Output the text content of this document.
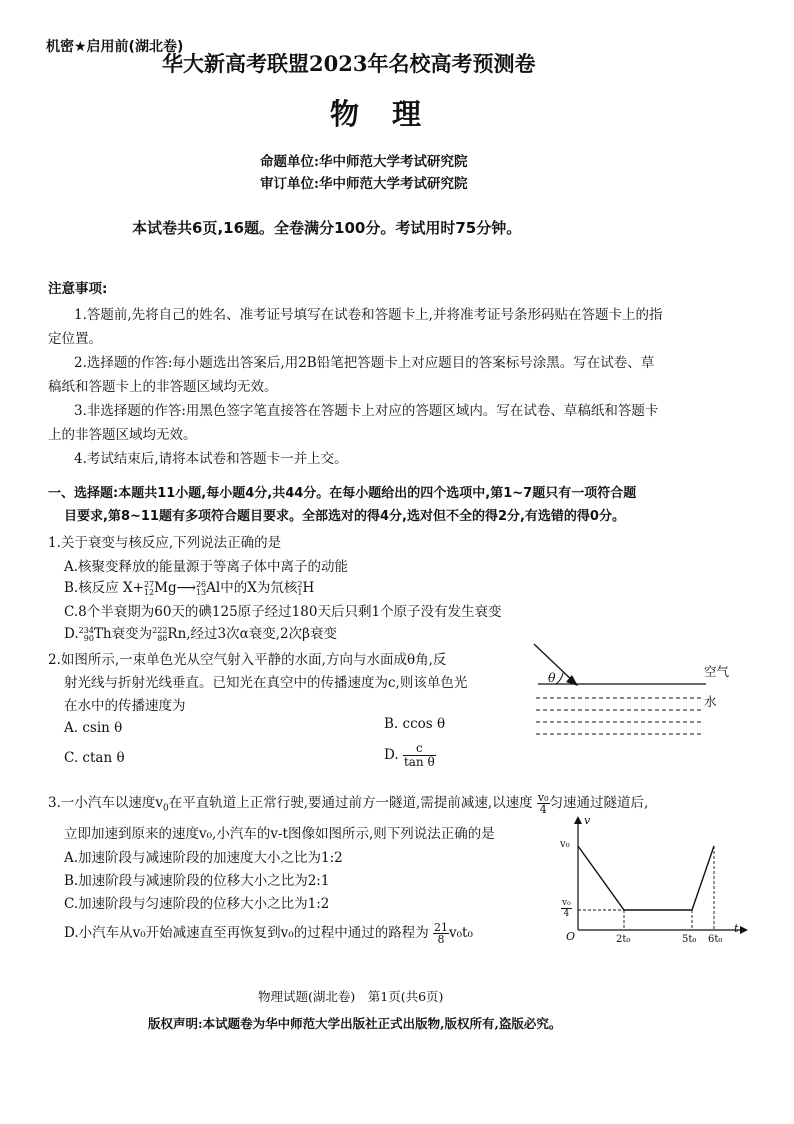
机密★启用前(湖北卷)
华大新高考联盟2023年名校高考预测卷
物　理
命题单位:华中师范大学考试研究院
审订单位:华中师范大学考试研究院
本试卷共6页,16题。全卷满分100分。考试用时75分钟。
注意事项:
1.答题前,先将自己的姓名、准考证号填写在试卷和答题卡上,并将准考证号条形码贴在答题卡上的指
定位置。
2.选择题的作答:每小题选出答案后,用2B铅笔把答题卡上对应题目的答案标号涂黑。写在试卷、草
稿纸和答题卡上的非答题区域均无效。
3.非选择题的作答:用黑色签字笔直接答在答题卡上对应的答题区域内。写在试卷、草稿纸和答题卡
上的非答题区域均无效。
4.考试结束后,请将本试卷和答题卡一并上交。
一、选择题:本题共11小题,每小题4分,共44分。在每小题给出的四个选项中,第1~7题只有一项符合题
目要求,第8~11题有多项符合题目要求。全部选对的得4分,选对但不全的得2分,有选错的得0分。
1.关于衰变与核反应,下列说法正确的是
A.核聚变释放的能量源于等离子体中离子的动能
B.核反应 X+ 27
12 Mg⟶ 26
13 Al中的X为氘核 2
1 H
C.8个半衰期为60天的碘125原子经过180天后只剩1个原子没有发生衰变
D. 234
90 Th衰变为 222
86 Rn,经过3次α衰变,2次β衰变
2.如图所示,一束单色光从空气射入平静的水面,方向与水面成θ角,反
射光线与折射光线垂直。已知光在真空中的传播速度为c,则该单色光
在水中的传播速度为
A. csin θ	B. ccos θ
C. ctan θ	D. $\frac{c}{\text{tan θ}}$
θ	空气
水
3.一小汽车以速度$v_0$在平直轨道上正常行驶,要通过前方一隧道,需提前减速,以速度 $\frac{\text{v₀}}{4}$ 匀速通过隧道后,
立即加速到原来的速度v₀,小汽车的v-t图像如图所示,则下列说法正确的是
A.加速阶段与减速阶段的加速度大小之比为1:2
B.加速阶段与减速阶段的位移大小之比为2:1
C.加速阶段与匀速阶段的位移大小之比为1:2
D.小汽车从v₀开始减速直至再恢复到v₀的过程中通过的路程为 $\frac{21}{8} v_0t_0$
v
t
O
v₀
$\frac{\text{v₀}}{4}$
2t₀	5t₀ 6t₀
物理试题(湖北卷)　第1页(共6页)
版权声明:本试题卷为华中师范大学出版社正式出版物,版权所有,盗版必究。
